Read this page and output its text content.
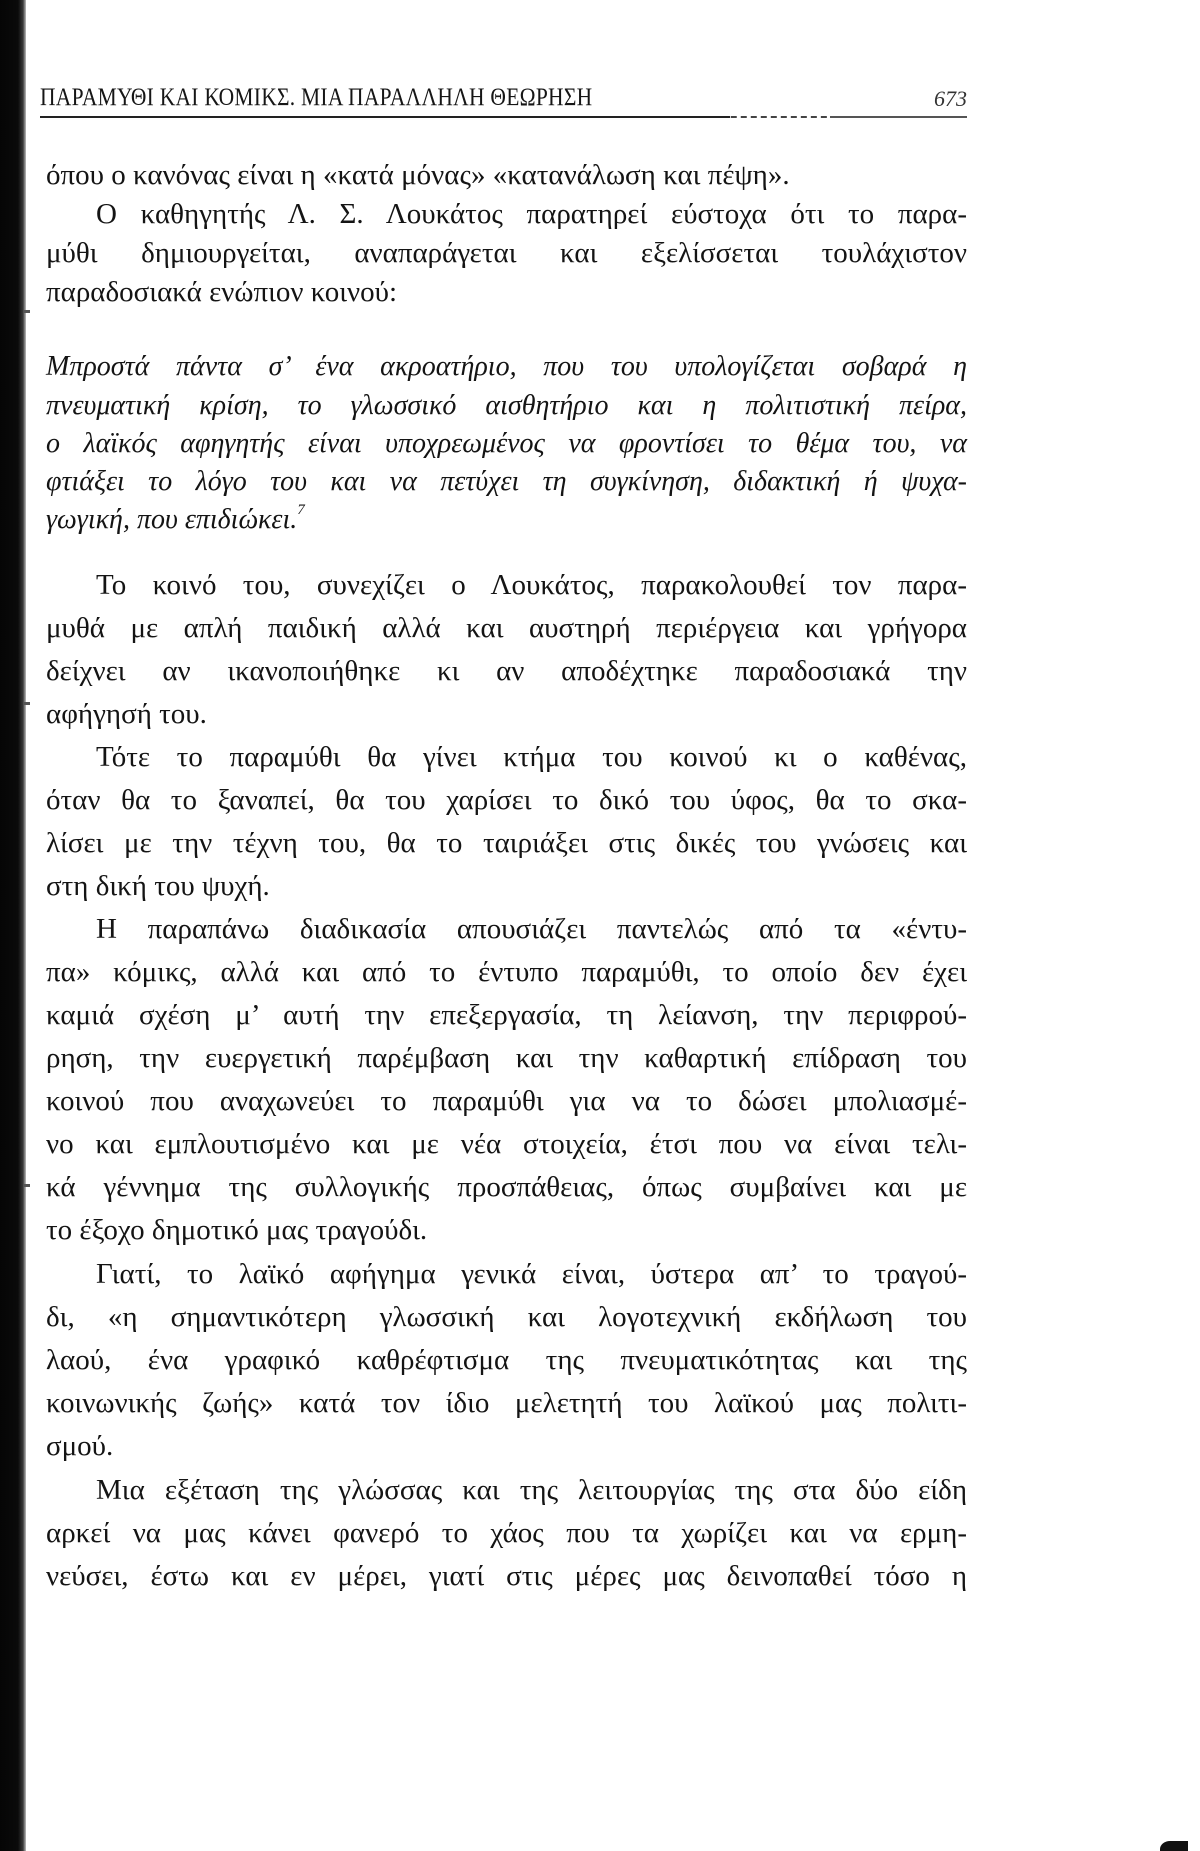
ΠΑΡΑΜΥΘΙ ΚΑΙ ΚΟΜΙΚΣ. ΜΙΑ ΠΑΡΑΛΛΗΛΗ ΘΕΩΡΗΣΗ	673
όπου ο κανόνας είναι η «κατά μόνας» «κατανάλωση και πέψη».
Ο καθηγητής Λ. Σ. Λουκάτος παρατηρεί εύστοχα ότι το παρα-
μύθι δημιουργείται, αναπαράγεται και εξελίσσεται τουλάχιστον
παραδοσιακά ενώπιον κοινού:
Μπροστά πάντα σ’ ένα ακροατήριο, που του υπολογίζεται σοβαρά η
πνευματική κρίση, το γλωσσικό αισθητήριο και η πολιτιστική πείρα,
ο λαϊκός αφηγητής είναι υποχρεωμένος να φροντίσει το θέμα του, να
φτιάξει το λόγο του και να πετύχει τη συγκίνηση, διδακτική ή ψυχα-
γωγική, που επιδιώκει.$^7$
Το κοινό του, συνεχίζει ο Λουκάτος, παρακολουθεί τον παρα-
μυθά με απλή παιδική αλλά και αυστηρή περιέργεια και γρήγορα
δείχνει αν ικανοποιήθηκε κι αν αποδέχτηκε παραδοσιακά την
αφήγησή του.
Τότε το παραμύθι θα γίνει κτήμα του κοινού κι ο καθένας,
όταν θα το ξαναπεί, θα του χαρίσει το δικό του ύφος, θα το σκα-
λίσει με την τέχνη του, θα το ταιριάξει στις δικές του γνώσεις και
στη δική του ψυχή.
Η παραπάνω διαδικασία απουσιάζει παντελώς από τα «έντυ-
πα» κόμικς, αλλά και από το έντυπο παραμύθι, το οποίο δεν έχει
καμιά σχέση μ’ αυτή την επεξεργασία, τη λείανση, την περιφρού-
ρηση, την ευεργετική παρέμβαση και την καθαρτική επίδραση του
κοινού που αναχωνεύει το παραμύθι για να το δώσει μπολιασμέ-
νο και εμπλουτισμένο και με νέα στοιχεία, έτσι που να είναι τελι-
κά γέννημα της συλλογικής προσπάθειας, όπως συμβαίνει και με
το έξοχο δημοτικό μας τραγούδι.
Γιατί, το λαϊκό αφήγημα γενικά είναι, ύστερα απ’ το τραγού-
δι, «η σημαντικότερη γλωσσική και λογοτεχνική εκδήλωση του
λαού, ένα γραφικό καθρέφτισμα της πνευματικότητας και της
κοινωνικής ζωής» κατά τον ίδιο μελετητή του λαϊκού μας πολιτι-
σμού.
Μια εξέταση της γλώσσας και της λειτουργίας της στα δύο είδη
αρκεί να μας κάνει φανερό το χάος που τα χωρίζει και να ερμη-
νεύσει, έστω και εν μέρει, γιατί στις μέρες μας δεινοπαθεί τόσο η
